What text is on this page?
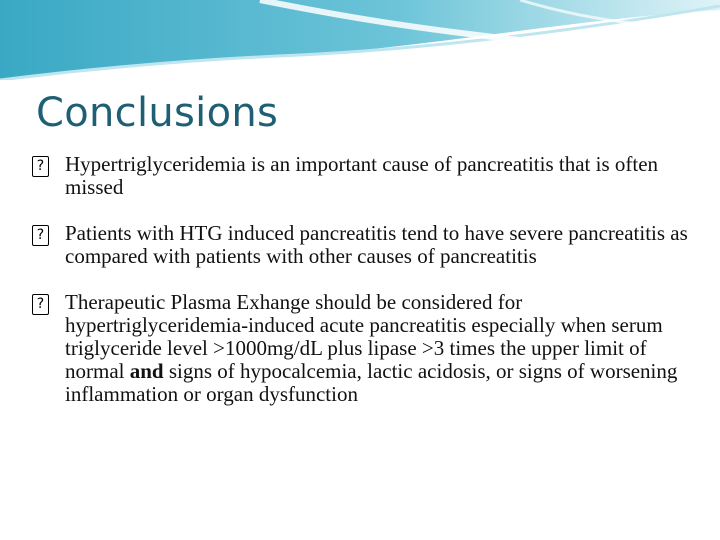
Conclusions
?
Hypertriglyceridemia is an important cause of pancreatitis that is often missed
?
Patients with HTG induced pancreatitis tend to have severe pancreatitis as compared with patients with other causes of pancreatitis
?
Therapeutic Plasma Exhange should be considered for hypertriglyceridemia-induced acute pancreatitis especially when serum triglyceride level >1000mg/dL plus lipase >3 times the upper limit of normal and signs of hypocalcemia, lactic acidosis, or signs of worsening inflammation or organ dysfunction
